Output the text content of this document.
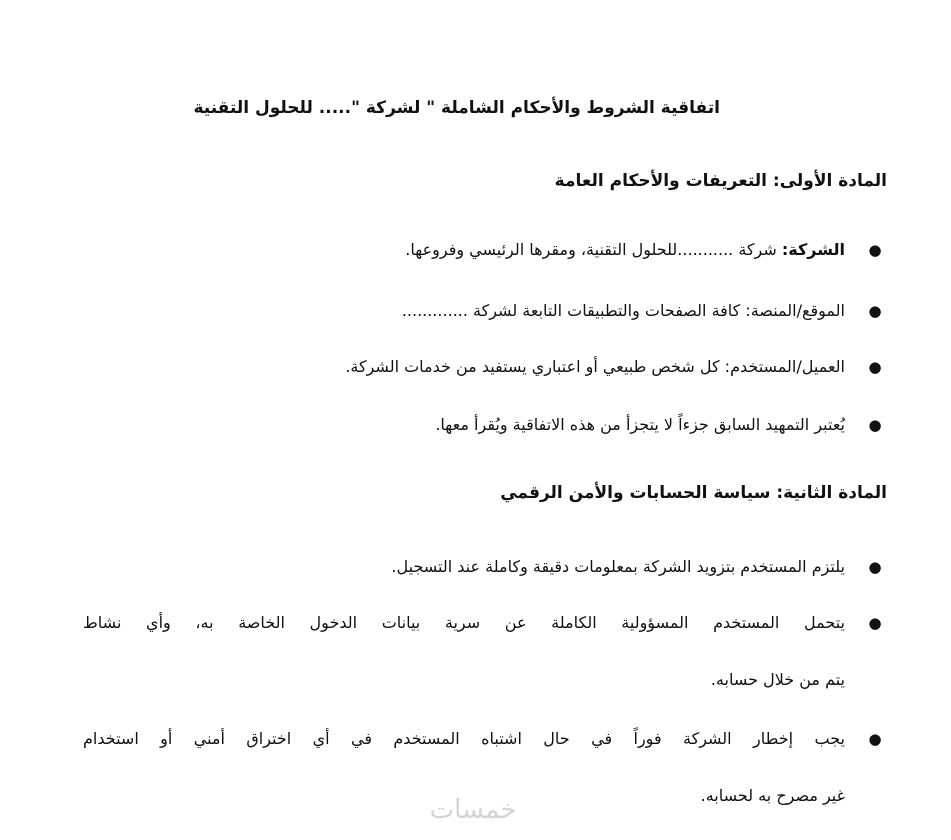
اتفاقية الشروط والأحكام الشاملة " لشركة "..... للحلول التقنية
المادة الأولى: التعريفات والأحكام العامة
●
الشركة: شركة ...........للحلول التقنية، ومقرها الرئيسي وفروعها.
●
الموقع/المنصة: كافة الصفحات والتطبيقات التابعة لشركة .............
●
العميل/المستخدم: كل شخص طبيعي أو اعتباري يستفيد من خدمات الشركة.
●
يُعتبر التمهيد السابق جزءاً لا يتجزأ من هذه الاتفاقية ويُقرأ معها.
المادة الثانية: سياسة الحسابات والأمن الرقمي
●
يلتزم المستخدم بتزويد الشركة بمعلومات دقيقة وكاملة عند التسجيل.
●
يتحمل المستخدم المسؤولية الكاملة عن سرية بيانات الدخول الخاصة به، وأي نشاط
يتم من خلال حسابه.
●
يجب إخطار الشركة فوراً في حال اشتباه المستخدم في أي اختراق أمني أو استخدام
غير مصرح به لحسابه.
خمسات
